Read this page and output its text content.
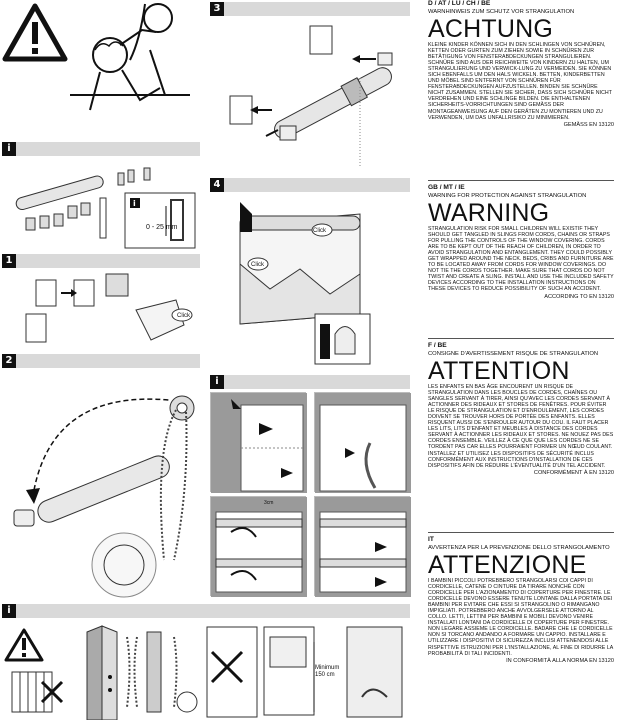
3
i
i
0 - 25 mm
4
Click
Click
1
Click
2
i
3cm
i
Minimum
150 cm
D / AT / LU / CH / BE
WARNHINWEIS ZUM SCHUTZ VOR STRANGULATION
ACHTUNG
KLEINE KINDER KÖNNEN SICH IN DEN SCHLINGEN VON SCHNÜREN, KETTEN ODER GURTEN ZUM ZIEHEN SOWIE IN SCHNÜREN ZUR BETÄTIGUNG VON FENSTERABDECKUNGEN STRANGULIEREN. SCHNÜRE SIND AUS DER REICHWEITE VON KINDERN ZU HALTEN, UM STRANGULIERUNG UND VERWICK-LUNG ZU VERMEIDEN. SIE KÖNNEN SICH EBENFALLS UM DEN HALS WICKELN. BETTEN, KINDERBETTEN UND MÖBEL SIND ENTFERNT VON SCHNÜREN FÜR FENSTERABDECKUNGEN AUFZUSTELLEN. BINDEN SIE SCHNÜRE NICHT ZUSAMMEN. STELLEN SIE SICHER, DASS SICH SCHNÜRE NICHT VERDREHEN UND EINE SCHLINGE BILDEN. DIE ENTHALTENEN SICHERHEITS-VORRICHTUNGEN SIND GEMÄSS DER MONTAGEANWEISUNG AUF DEN GERÄTEN ZU MONTIEREN UND ZU VERWENDEN, UM DAS UNFALLRISIKO ZU MINIMIEREN.
GEMÄSS EN 13120
GB / MT / IE
WARNING FOR PROTECTION AGAINST STRANGULATION
WARNING
STRANGULATION RISK FOR SMALL CHILDREN WILL EXISTIF THEY SHOULD GET TANGLED IN SLINGS FROM CORDS, CHAINS OR STRAPS FOR PULLING THE CONTROLS OF THE WINDOW COVERING. CORDS ARE TO BE KEPT OUT OF THE REACH OF CHILDREN, IN ORDER TO AVOID STRANGULATION AND ENTANGLEMENT. THEY COULD POSSIBLY GET WRAPPED AROUND THE NECK. BEDS, CRIBS AND FURNITURE ARE TO BE LOCATED AWAY FROM CORDS FOR WINDOW COVERINGS. DO NOT TIE THE CORDS TOGETHER. MAKE SURE THAT CORDS DO NOT TWIST AND CREATE A SLING. INSTALL AND USE THE INCLUDED SAFETY DEVICES ACCORDING TO THE INSTALLATION INSTRUCTIONS ON THESE DEVICES TO REDUCE POSSIBILITY OF SUCH AN ACCIDENT.
ACCORDING TO EN 13120
F / BE
CONSIGNE D'AVERTISSEMENT RISQUE DE STRANGULATION
ATTENTION
LES ENFANTS EN BAS ÂGE ENCOURENT UN RISQUE DE STRANGULATION DANS LES BOUCLES DE CORDES, CHAÎNES OU SANGLES SERVANT À TIRER, AINSI QU'AVEC LES CORDES SERVANT À ACTIONNER DES RIDEAUX ET STORES DE FENÊTRES. POUR ÉVITER LE RISQUE DE STRANGULATION ET D'ENROULEMENT, LES CORDES DOIVENT SE TROUVER HORS DE PORTÉE DES ENFANTS. ELLES RISQUENT AUSSI DE S'ENROULER AUTOUR DU COU. IL FAUT PLACER LES LITS, LITS D'ENFANT ET MEUBLES À DISTANCE DES CORDES SERVANT À ACTIONNER LES RIDEAUX ET STORES. NE NOUEZ PAS DES CORDES ENSEMBLE. VEILLEZ À CE QUE QUE LES CORDES NE SE TORDENT PAS CAR ELLES POURRAIENT FORMER UN NŒUD COULANT. INSTALLEZ ET UTILISEZ LES DISPOSITIFS DE SÉCURITÉ INCLUS CONFORMÉMENT AUX INSTRUCTIONS D'INSTALLATION DE CES DISPOSITIFS AFIN DE RÉDUIRE L'ÉVENTUALITÉ D'UN TEL ACCIDENT.
CONFORMÉMENT À EN 13120
IT
AVVERTENZA PER LA PREVENZIONE DELLO STRANGOLAMENTO
ATTENZIONE
I BAMBINI PICCOLI POTREBBERO STRANGOLARSI COI CAPPI DI CORDICELLE, CATENE O CINTURE DA TIRARE NONCHÉ CON CORDICELLE PER L'AZIONAMENTO DI COPERTURE PER FINESTRE. LE CORDICELLE DEVONO ESSERE TENUTE LONTANE DALLA PORTATA DEI BAMBINI PER EVITARE CHE ESSI SI STRANGOLINO O RIMANGANO IMPIGLIATI. POTREBBERO ANCHE AVVOLGERSELE ATTORNO AL COLLO. LETTI, LETTINI PER BAMBINI E MOBILI DEVONO VENIRE INSTALLATI LONTANI DA CORDICELLE DI COPERTURE PER FINESTRE. NON LEGARE ASSIEME LE CORDICELLE. BADARE CHE LE CORDICELLE NON SI TORCANO ANDANDO A FORMARE UN CAPPIO. INSTALLARE E UTILIZZARE I DISPOSITIVI DI SICUREZZA INCLUSI ATTENENDOSI ALLE RISPETTIVE ISTRUZIONI PER L'INSTALLAZIONE, AL FINE DI RIDURRE LA PROBABILITÀ DI TALI INCIDENTI.
IN CONFORMITÀ ALLA NORMA EN 13120
